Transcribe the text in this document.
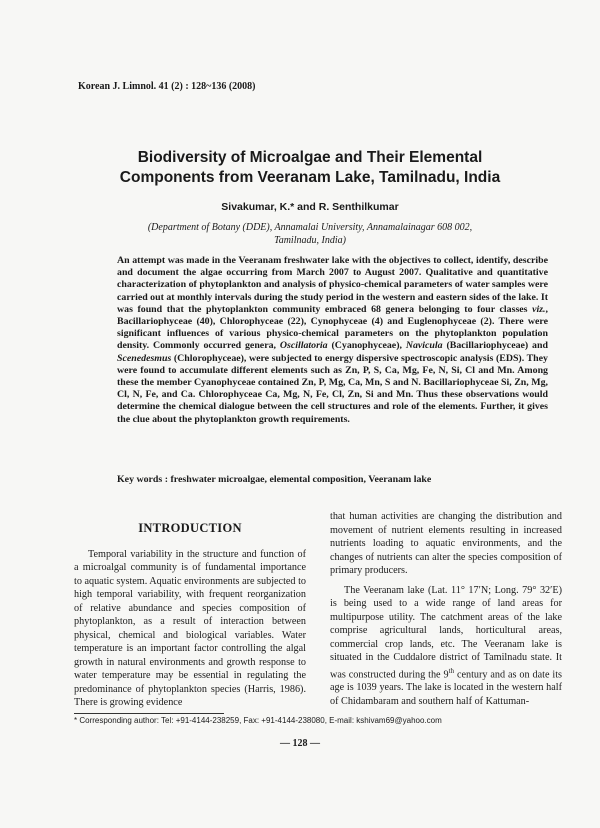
Korean J. Limnol. 41 (2) : 128~136 (2008)
Biodiversity of Microalgae and Their Elemental
Components from Veeranam Lake, Tamilnadu, India
Sivakumar, K.* and R. Senthilkumar
(Department of Botany (DDE), Annamalai University, Annamalainagar 608 002,
Tamilnadu, India)

An attempt was made in the Veeranam freshwater lake with the objectives to collect, identify, describe and document the algae occurring from March 2007 to August 2007. Qualitative and quantitative characterization of phytoplankton and analysis of physico-chemical parameters of water samples were carried out at monthly intervals during the study period in the western and eastern sides of the lake. It was found that the phytoplankton community embraced 68 genera belonging to four classes viz., Bacillariophyceae (40), Chlorophyceae (22), Cynophyceae (4) and Euglenophyceae (2). There were significant influences of various physico-chemical parameters on the phytoplankton population density. Commonly occurred genera, Oscillatoria (Cyanophyceae), Navicula (Bacillariophyceae) and Scenedesmus (Chlorophyceae), were subjected to energy dispersive spectroscopic analysis (EDS). They were found to accumulate different elements such as Zn, P, S, Ca, Mg, Fe, N, Si, Cl and Mn. Among these the member Cyanophyceae contained Zn, P, Mg, Ca, Mn, S and N. Bacillariophyceae Si, Zn, Mg, Cl, N, Fe, and Ca. Chlorophyceae Ca, Mg, N, Fe, Cl, Zn, Si and Mn. Thus these observations would determine the chemical dialogue between the cell structures and role of the elements. Further, it gives the clue about the phytoplankton growth requirements.

Key words : freshwater microalgae, elemental composition, Veeranam lake
INTRODUCTION

Temporal variability in the structure and function of a microalgal community is of fundamental importance to aquatic system. Aquatic environments are subjected to high temporal variability, with frequent reorganization of relative abundance and species composition of phytoplankton, as a result of interaction between physical, chemical and biological variables. Water temperature is an important factor controlling the algal growth in natural environments and growth response to water temperature may be essential in regulating the predominance of phytoplankton species (Harris, 1986). There is growing evidence

that human activities are changing the distribution and movement of nutrient elements resulting in increased nutrients loading to aquatic environments, and the changes of nutrients can alter the species composition of primary producers.

The Veeranam lake (Lat. 11° 17′N; Long. 79° 32′E) is being used to a wide range of land areas for multipurpose utility. The catchment areas of the lake comprise agricultural lands, horticultural areas, commercial crop lands, etc. The Veeranam lake is situated in the Cuddalore district of Tamilnadu state. It was constructed during the 9th century and as on date its age is 1039 years. The lake is located in the western half of Chidambaram and southern half of Kattuman-

* Corresponding author: Tel: +91-4144-238259, Fax: +91-4144-238080, E-mail: kshivam69@yahoo.com
— 128 —
